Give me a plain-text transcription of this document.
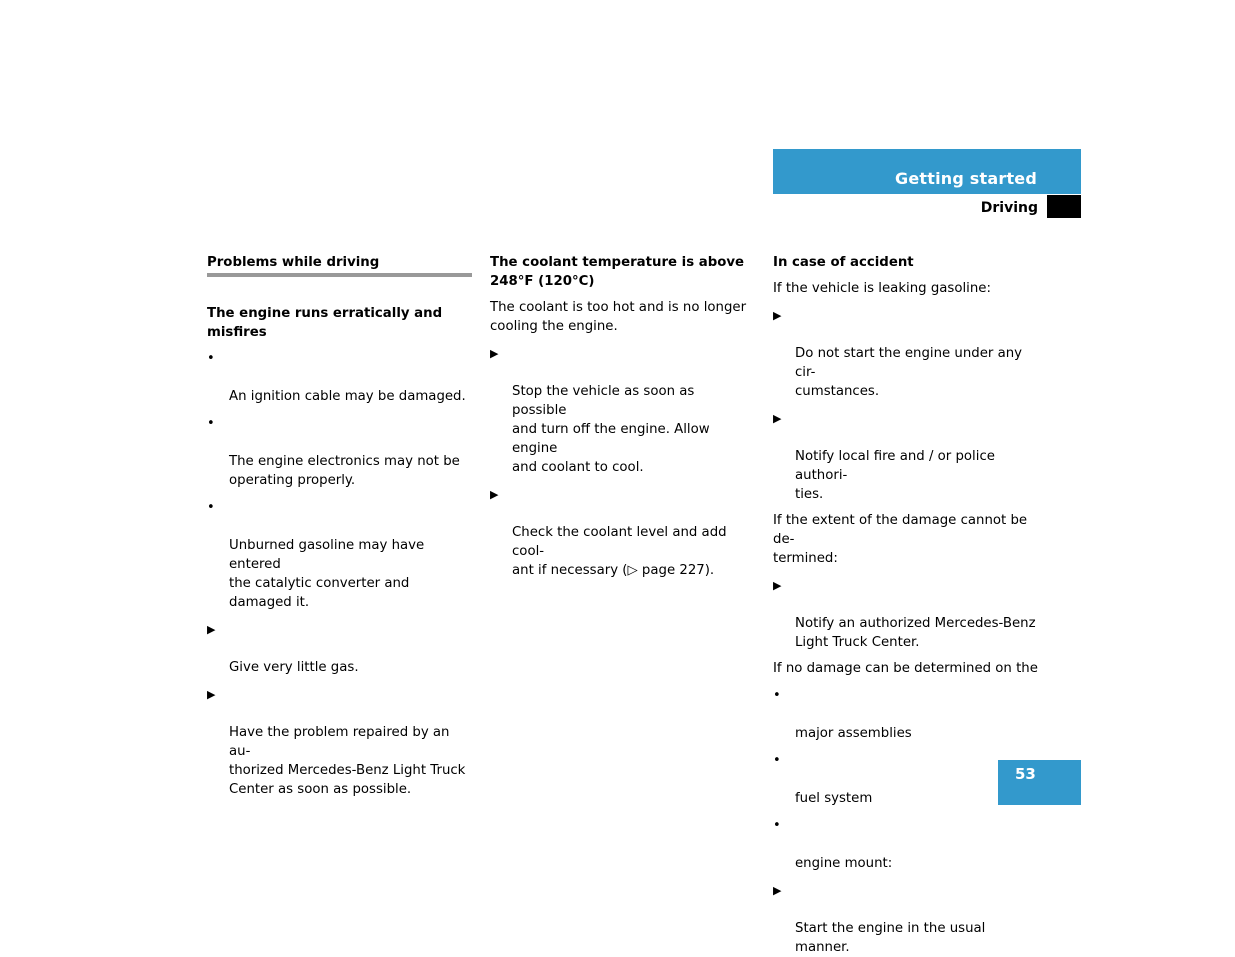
Getting started
Driving

Problems while driving

The engine runs erratically and misfires

•

An ignition cable may be damaged.

•

The engine electronics may not be
operating properly.

•

Unburned gasoline may have entered
the catalytic converter and damaged it.

▶

Give very little gas.

▶

Have the problem repaired by an au-
thorized Mercedes-Benz Light Truck
Center as soon as possible.

The coolant temperature is above
248°F (120°C)

The coolant is too hot and is no longer
cooling the engine.

▶

Stop the vehicle as soon as possible
and turn off the engine. Allow engine
and coolant to cool.

▶

Check the coolant level and add cool-
ant if necessary (▷ page 227).

In case of accident

If the vehicle is leaking gasoline:

▶

Do not start the engine under any cir-
cumstances.

▶

Notify local fire and / or police authori-
ties.

If the extent of the damage cannot be de-
termined:

▶

Notify an authorized Mercedes-Benz
Light Truck Center.

If no damage can be determined on the

•

major assemblies

•

fuel system

•

engine mount:

▶

Start the engine in the usual manner.

53
